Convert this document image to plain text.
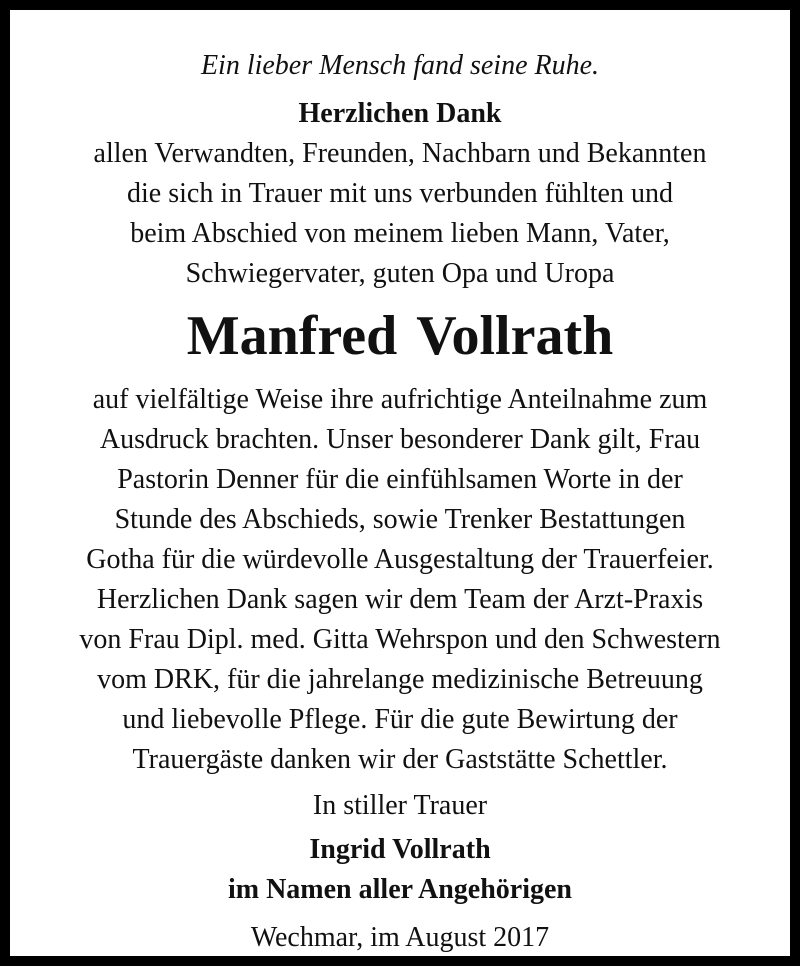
Ein lieber Mensch fand seine Ruhe.
Herzlichen Dank
allen Verwandten, Freunden, Nachbarn und Bekannten
die sich in Trauer mit uns verbunden fühlten und
beim Abschied von meinem lieben Mann, Vater,
Schwiegervater, guten Opa und Uropa
Manfred Vollrath
auf vielfältige Weise ihre aufrichtige Anteilnahme zum
Ausdruck brachten. Unser besonderer Dank gilt, Frau
Pastorin Denner für die einfühlsamen Worte in der
Stunde des Abschieds, sowie Trenker Bestattungen
Gotha für die würdevolle Ausgestaltung der Trauerfeier.
Herzlichen Dank sagen wir dem Team der Arzt-Praxis
von Frau Dipl. med. Gitta Wehrspon und den Schwestern
vom DRK, für die jahrelange medizinische Betreuung
und liebevolle Pflege. Für die gute Bewirtung der
Trauergäste danken wir der Gaststätte Schettler.
In stiller Trauer
Ingrid Vollrath
im Namen aller Angehörigen
Wechmar, im August 2017
